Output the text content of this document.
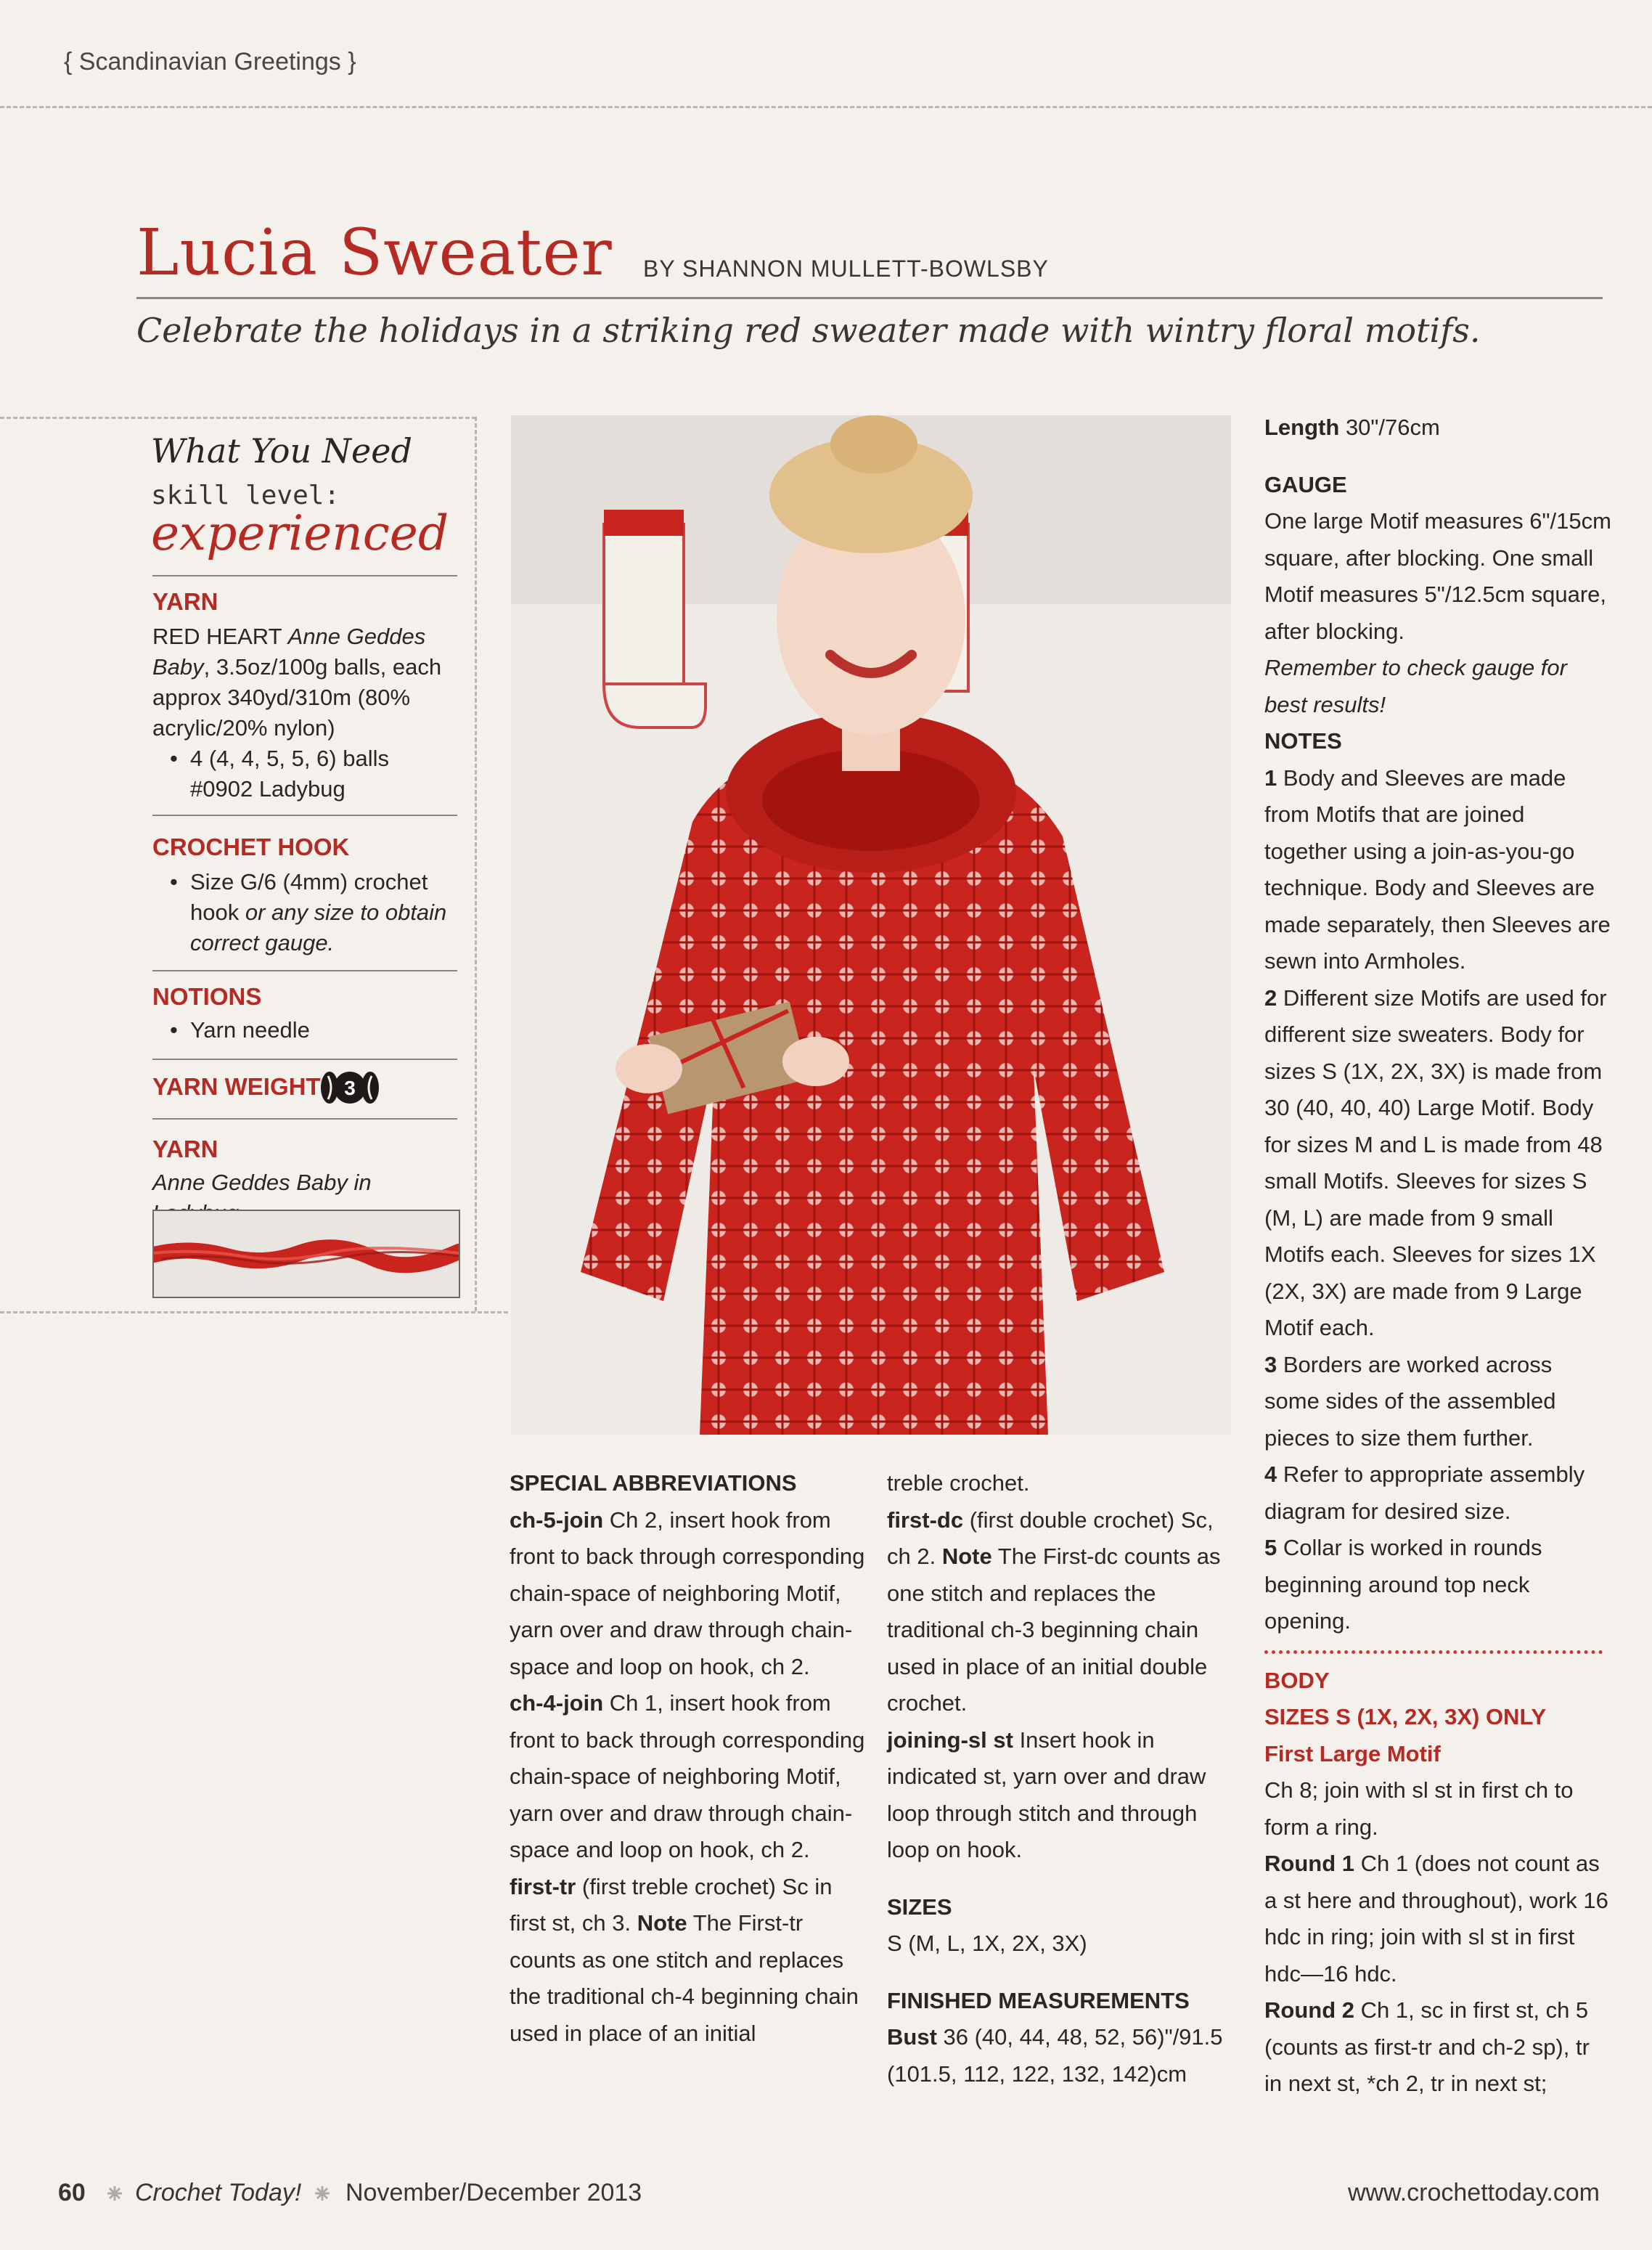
{ Scandinavian Greetings }
Lucia Sweater BY SHANNON MULLETT-BOWLSBY
Celebrate the holidays in a striking red sweater made with wintry floral motifs.
What You Need
skill level:
experienced
YARN
RED HEART Anne Geddes Baby, 3.5oz/100g balls, each approx 340yd/310m (80% acrylic/20% nylon)
• 4 (4, 4, 5, 5, 6) balls #0902 Ladybug
CROCHET HOOK
• Size G/6 (4mm) crochet hook or any size to obtain correct gauge.
NOTIONS
• Yarn needle
YARN WEIGHT 3
YARN
Anne Geddes Baby in

SPECIAL ABBREVIATIONS

ch-5-join Ch 2, insert hook from front to back through corresponding chain-space of neighboring Motif, yarn over and draw through chain-space and loop on hook, ch 2.

ch-4-join Ch 1, insert hook from front to back through corresponding chain-space of neighboring Motif, yarn over and draw through chain-space and loop on hook, ch 2.

first-tr (first treble crochet) Sc in first st, ch 3. Note The First-tr counts as one stitch and replaces the traditional ch-4 beginning chain used in place of an initial

treble crochet.

first-dc (first double crochet) Sc, ch 2. Note The First-dc counts as one stitch and replaces the traditional ch-3 beginning chain used in place of an initial double crochet.

joining-sl st Insert hook in indicated st, yarn over and draw loop through stitch and through loop on hook.

SIZES

S (M, L, 1X, 2X, 3X)

FINISHED MEASUREMENTS

Bust 36 (40, 44, 48, 52, 56)"/91.5 (101.5, 112, 122, 132, 142)cm

Length 30"/76cm

GAUGE

One large Motif measures 6"/15cm square, after blocking. One small Motif measures 5"/12.5cm square, after blocking.

Remember to check gauge for best results!

NOTES

1 Body and Sleeves are made from Motifs that are joined together using a join-as-you-go technique. Body and Sleeves are made separately, then Sleeves are sewn into Armholes.

2 Different size Motifs are used for different size sweaters. Body for sizes S (1X, 2X, 3X) is made from 30 (40, 40, 40) Large Motif. Body for sizes M and L is made from 48 small Motifs. Sleeves for sizes S (M, L) are made from 9 small Motifs each. Sleeves for sizes 1X (2X, 3X) are made from 9 Large Motif each.

3 Borders are worked across some sides of the assembled pieces to size them further.

4 Refer to appropriate assembly diagram for desired size.

5 Collar is worked in rounds beginning around top neck opening.

BODY

SIZES S (1X, 2X, 3X) ONLY

First Large Motif

Ch 8; join with sl st in first ch to form a ring.

Round 1 Ch 1 (does not count as a st here and throughout), work 16 hdc in ring; join with sl st in first hdc—16 hdc.

Round 2 Ch 1, sc in first st, ch 5 (counts as first-tr and ch-2 sp), tr in next st, *ch 2, tr in next st;

60 Crochet Today! November/December 2013	www.crochettoday.com
